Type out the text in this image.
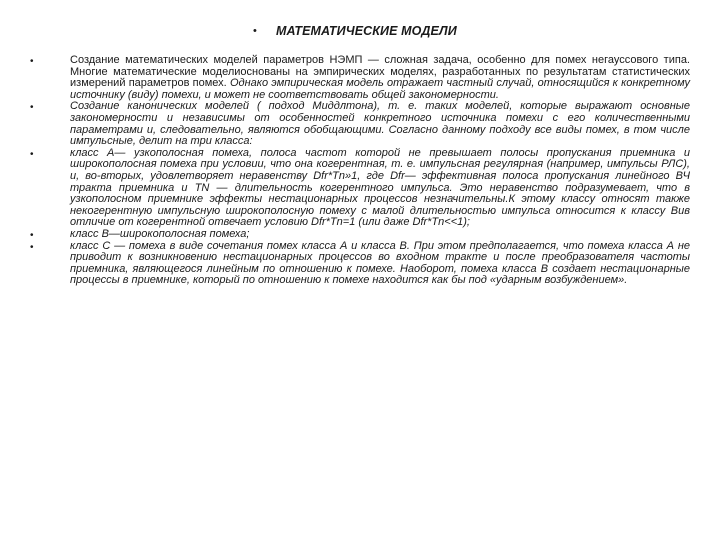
• МАТЕМАТИЧЕСКИЕ МОДЕЛИ
•	Создание математических моделей параметров НЭМП — сложная задача, особенно для помех негауссового типа. Многие математические моделиоснованы на эмпирических моделях, разработанных по результатам статистических измерений параметров помех. Однако эмпирическая модель отражает частный случай, относящийся к конкретному источнику (виду) помехи, и может не соответствовать общей закономерности.
•	Создание канонических моделей ( подход Миддлтона), т. е. таких моделей, которые выражают основные закономерности и независимы от особенностей конкретного источника помехи с его количественными параметрами и, следовательно, являются обобщающими. Согласно данному подходу все виды помех, в том числе импульсные, делит на три класса:
•	класс А— узкополосная помеха, полоса частот которой не превышает полосы пропускания приемника и широкополосная помеха при условии, что она когерентная, т. е. импульсная регулярная (например, импульсы РЛС), и, во-вторых, удовлетворяет неравенству Dfr*Tn»1, где Dfr— эффективная полоса пропускания линейного ВЧ тракта приемника и TN — длительность когерентного импульса. Это неравенство подразумевает, что в узкополосном приемнике эффекты нестационарных процессов незначительны.К этому классу относят также некогерентную импульсную широкополосную помеху с малой длительностью импульса относится к классу Вив отличие от когерентной отвечает условию Dfr*Tn=1 (или даже Dfr*Tn<<1);
•	класс В—широкополосная помеха;
•	класс С — помеха в виде сочетания помех класса А и класса В. При этом предполагается, что помеха класса А не приводит к возникновению нестационарных процессов во входном тракте и после преобразователя частоты приемника, являющегося линейным по отношению к помехе. Наоборот, помеха класса В создает нестационарные процессы в приемнике, который по отношению к помехе находится как бы под «ударным возбуждением».
